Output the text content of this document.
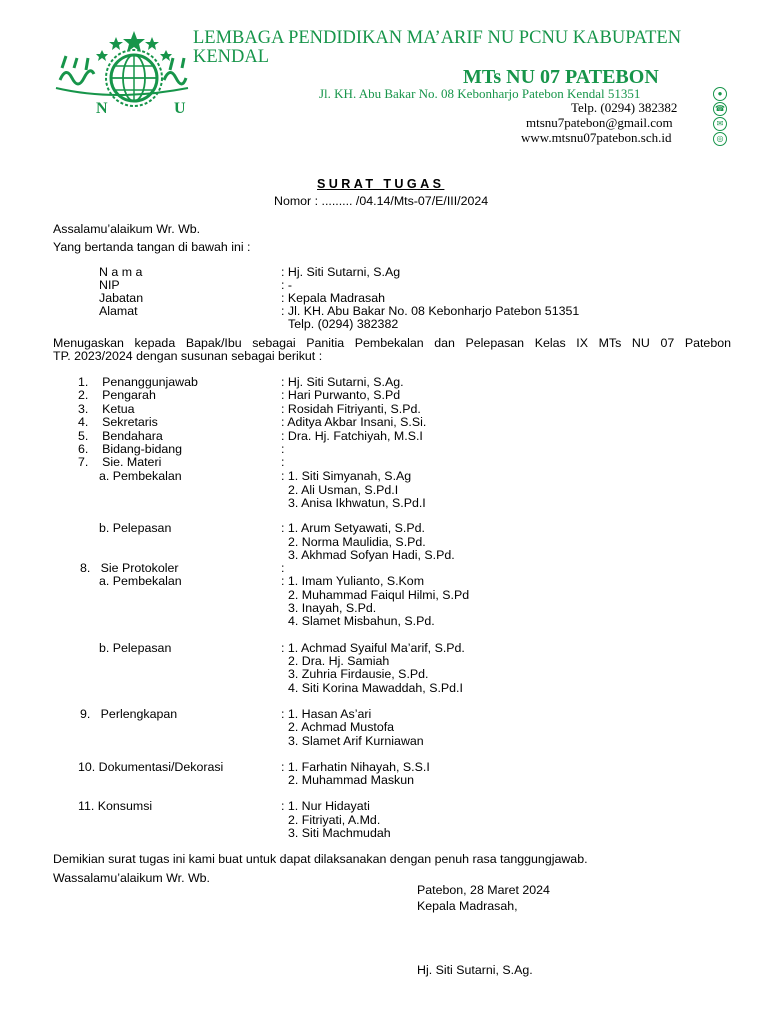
N	U
LEMBAGA PENDIDIKAN MA’ARIF NU PCNU KABUPATEN
KENDAL
MTs NU 07 PATEBON
Jl. KH. Abu Bakar No. 08 Kebonharjo Patebon Kendal 51351	●
Telp. (0294) 382382	☎
mtsnu7patebon@gmail.com	✉
www.mtsnu07patebon.sch.id	◎
SURAT TUGAS
Nomor : ......... /04.14/Mts-07/E/III/2024
Assalamu’alaikum Wr. Wb.
Yang bertanda tangan di bawah ini :
N a m a	: Hj. Siti Sutarni, S.Ag
NIP	: -
Jabatan	: Kepala Madrasah
Alamat	: Jl. KH. Abu Bakar No. 08 Kebonharjo Patebon 51351
Telp. (0294) 382382
Menugaskan kepada Bapak/Ibu sebagai Panitia Pembekalan dan Pelepasan Kelas IX MTs NU 07 Patebon
TP. 2023/2024 dengan susunan sebagai berikut :
1.    Penanggunjawab	: Hj. Siti Sutarni, S.Ag.
2.    Pengarah	: Hari Purwanto, S.Pd
3.    Ketua	: Rosidah Fitriyanti, S.Pd.
4.    Sekretaris	: Aditya Akbar Insani, S.Si.
5.    Bendahara	: Dra. Hj. Fatchiyah, M.S.I
6.    Bidang-bidang	:
7.    Sie. Materi	:
a. Pembekalan	: 1. Siti Simyanah, S.Ag
2. Ali Usman, S.Pd.I
3. Anisa Ikhwatun, S.Pd.I
b. Pelepasan	: 1. Arum Setyawati, S.Pd.
2. Norma Maulidia, S.Pd.
3. Akhmad Sofyan Hadi, S.Pd.
8.   Sie Protokoler	:
a. Pembekalan	: 1. Imam Yulianto, S.Kom
2. Muhammad Faiqul Hilmi, S.Pd
3. Inayah, S.Pd.
4. Slamet Misbahun, S.Pd.
b. Pelepasan	: 1. Achmad Syaiful Ma’arif, S.Pd.
2. Dra. Hj. Samiah
3. Zuhria Firdausie, S.Pd.
4. Siti Korina Mawaddah, S.Pd.I
9.   Perlengkapan	: 1. Hasan As’ari
2. Achmad Mustofa
3. Slamet Arif Kurniawan
10. Dokumentasi/Dekorasi	: 1. Farhatin Nihayah, S.S.I
2. Muhammad Maskun
11. Konsumsi	: 1. Nur Hidayati
2. Fitriyati, A.Md.
3. Siti Machmudah
Demikian surat tugas ini kami buat untuk dapat dilaksanakan dengan penuh rasa tanggungjawab.
Wassalamu’alaikum Wr. Wb.
Patebon, 28 Maret 2024
Kepala Madrasah,
Hj. Siti Sutarni, S.Ag.
